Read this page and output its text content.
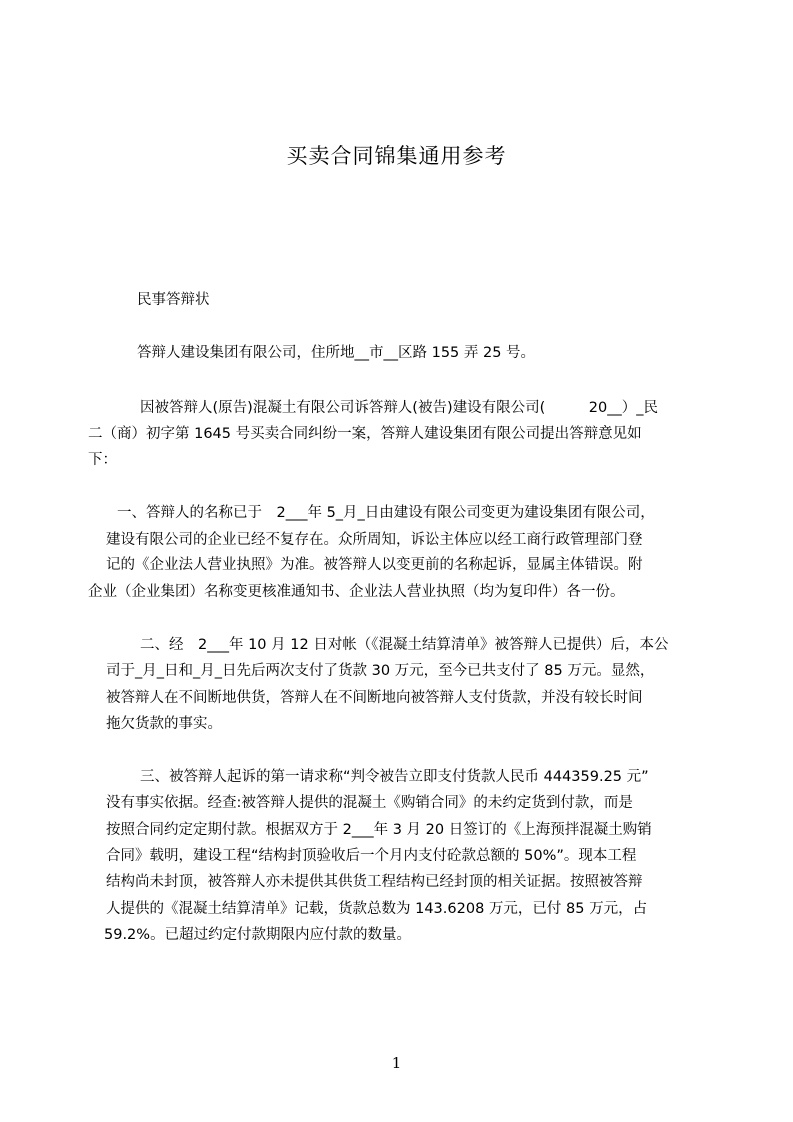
买卖合同锦集通用参考
民事答辩状
答辩人建设集团有限公司，住所地__市__区路 155 弄 25 号。
因被答辩人(原告)混凝土有限公司诉答辩人(被告)建设有限公司(　　　20__）_民
二（商）初字第 1645 号买卖合同纠纷一案，答辩人建设集团有限公司提出答辩意见如
下：
一、答辩人的名称已于　2___年 5_月_日由建设有限公司变更为建设集团有限公司，
建设有限公司的企业已经不复存在。众所周知，诉讼主体应以经工商行政管理部门登
记的《企业法人营业执照》为准。被答辩人以变更前的名称起诉，显属主体错误。附
企业（企业集团）名称变更核准通知书、企业法人营业执照（均为复印件）各一份。
二、经　2___年 10 月 12 日对帐（《混凝土结算清单》被答辩人已提供）后，本公
司于_月_日和_月_日先后两次支付了货款 30 万元，至今已共支付了 85 万元。显然，
被答辩人在不间断地供货，答辩人在不间断地向被答辩人支付货款，并没有较长时间
拖欠货款的事实。
三、被答辩人起诉的第一请求称“判令被告立即支付货款人民币 444359.25 元”
没有事实依据。经查:被答辩人提供的混凝土《购销合同》的未约定货到付款，而是
按照合同约定定期付款。根据双方于 2___年 3 月 20 日签订的《上海预拌混凝土购销
合同》载明，建设工程“结构封顶验收后一个月内支付砼款总额的 50%”。现本工程
结构尚未封顶，被答辩人亦未提供其供货工程结构已经封顶的相关证据。按照被答辩
人提供的《混凝土结算清单》记载，货款总数为 143.6208 万元，已付 85 万元，占
59.2%。已超过约定付款期限内应付款的数量。
1
